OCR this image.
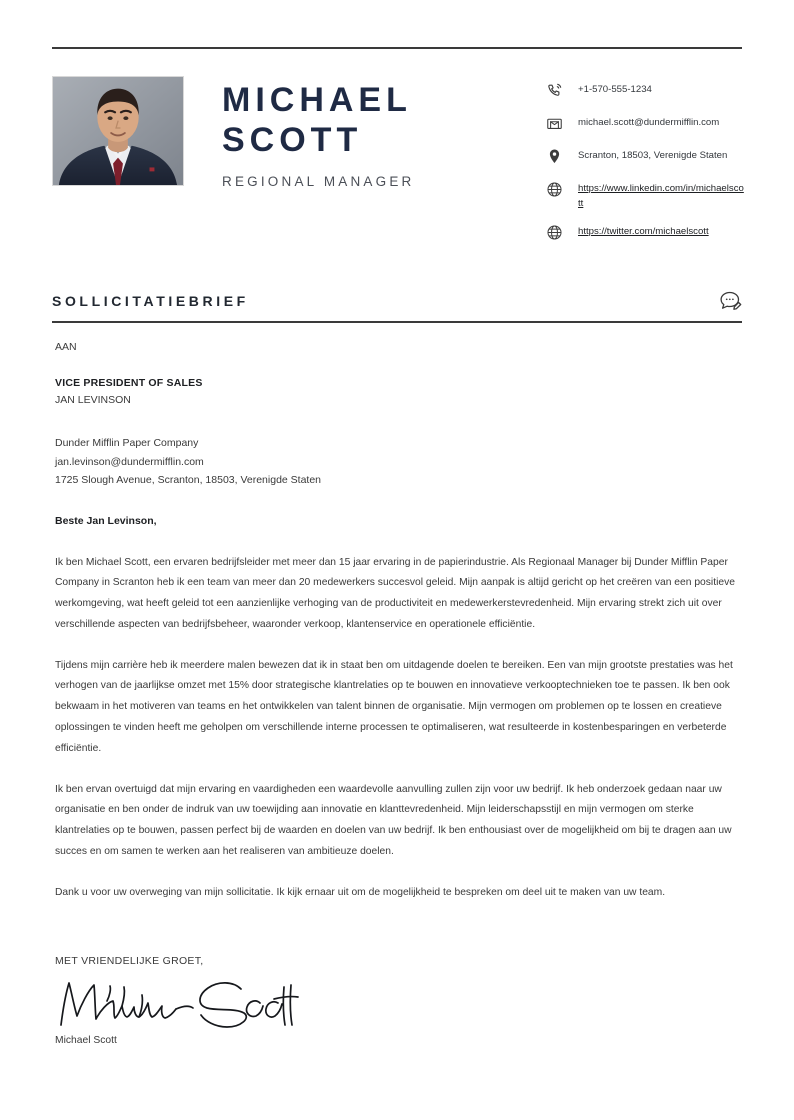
MICHAEL
SCOTT
REGIONAL MANAGER
+1-570-555-1234
michael.scott@dundermifflin.com
Scranton, 18503, Verenigde Staten
https://www.linkedin.com/in/michaelscott
https://twitter.com/michaelscott
SOLLICITATIEBRIEF
AAN
VICE PRESIDENT OF SALES
JAN LEVINSON
Dunder Mifflin Paper Company
jan.levinson@dundermifflin.com
1725 Slough Avenue, Scranton, 18503, Verenigde Staten
Beste Jan Levinson,

Ik ben Michael Scott, een ervaren bedrijfsleider met meer dan 15 jaar ervaring in de papierindustrie. Als Regionaal Manager bij Dunder Mifflin Paper Company in Scranton heb ik een team van meer dan 20 medewerkers succesvol geleid. Mijn aanpak is altijd gericht op het creëren van een positieve werkomgeving, wat heeft geleid tot een aanzienlijke verhoging van de productiviteit en medewerkerstevredenheid. Mijn ervaring strekt zich uit over verschillende aspecten van bedrijfsbeheer, waaronder verkoop, klantenservice en operationele efficiëntie.

Tijdens mijn carrière heb ik meerdere malen bewezen dat ik in staat ben om uitdagende doelen te bereiken. Een van mijn grootste prestaties was het verhogen van de jaarlijkse omzet met 15% door strategische klantrelaties op te bouwen en innovatieve verkooptechnieken toe te passen. Ik ben ook bekwaam in het motiveren van teams en het ontwikkelen van talent binnen de organisatie. Mijn vermogen om problemen op te lossen en creatieve oplossingen te vinden heeft me geholpen om verschillende interne processen te optimaliseren, wat resulteerde in kostenbesparingen en verbeterde efficiëntie.

Ik ben ervan overtuigd dat mijn ervaring en vaardigheden een waardevolle aanvulling zullen zijn voor uw bedrijf. Ik heb onderzoek gedaan naar uw organisatie en ben onder de indruk van uw toewijding aan innovatie en klanttevredenheid. Mijn leiderschapsstijl en mijn vermogen om sterke klantrelaties op te bouwen, passen perfect bij de waarden en doelen van uw bedrijf. Ik ben enthousiast over de mogelijkheid om bij te dragen aan uw succes en om samen te werken aan het realiseren van ambitieuze doelen.

Dank u voor uw overweging van mijn sollicitatie. Ik kijk ernaar uit om de mogelijkheid te bespreken om deel uit te maken van uw team.

MET VRIENDELIJKE GROET,
Michael Scott
